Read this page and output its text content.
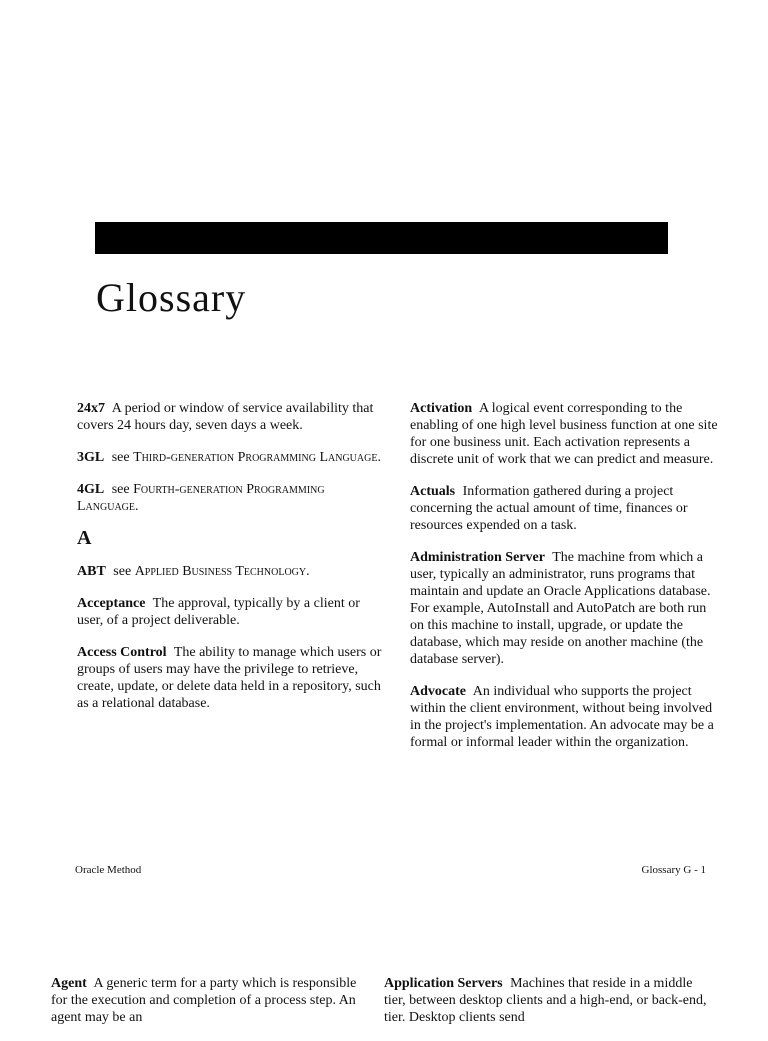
Glossary

24x7 A period or window of service availability that covers 24 hours day, seven days a week.

3GL see Third-generation Programming Language.

4GL see Fourth-generation Programming Language.

A

ABT see Applied Business Technology.

Acceptance The approval, typically by a client or user, of a project deliverable.

Access Control The ability to manage which users or groups of users may have the privilege to retrieve, create, update, or delete data held in a repository, such as a relational database.

Activation A logical event corresponding to the enabling of one high level business function at one site for one business unit. Each activation represents a discrete unit of work that we can predict and measure.

Actuals Information gathered during a project concerning the actual amount of time, finances or resources expended on a task.

Administration Server The machine from which a user, typically an administrator, runs programs that maintain and update an Oracle Applications database. For example, AutoInstall and AutoPatch are both run on this machine to install, upgrade, or update the database, which may reside on another machine (the database server).

Advocate An individual who supports the project within the client environment, without being involved in the project's implementation. An advocate may be a formal or informal leader within the organization.

Oracle Method	Glossary G - 1

Agent A generic term for a party which is responsible for the execution and completion of a process step. An agent may be an

Application Servers Machines that reside in a middle tier, between desktop clients and a high-end, or back-end, tier. Desktop clients send
